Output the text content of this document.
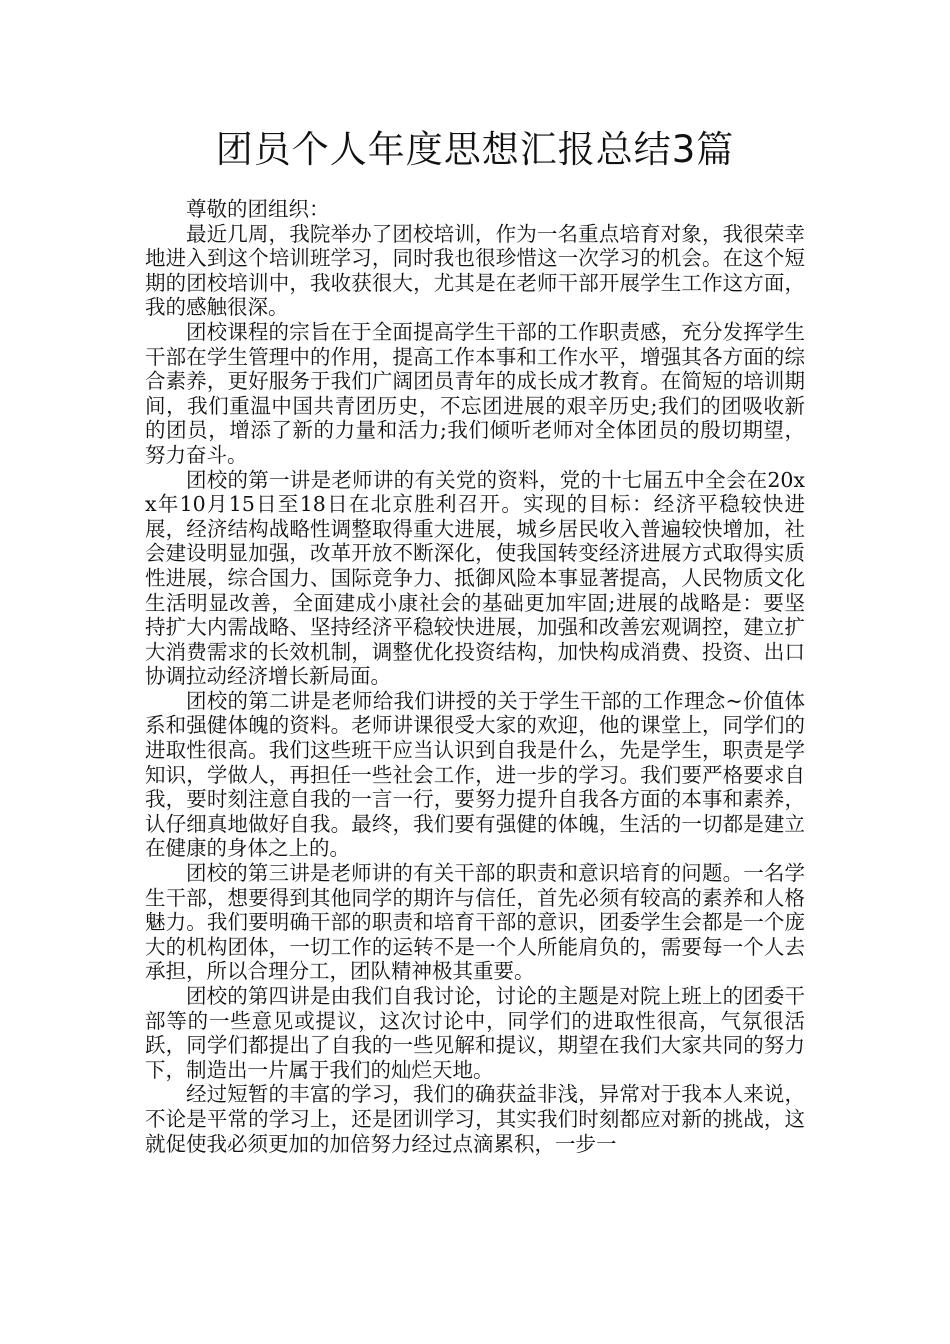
团员个人年度思想汇报总结3篇

尊敬的团组织：

最近几周，我院举办了团校培训，作为一名重点培育对象，我很荣幸地进入到这个培训班学习，同时我也很珍惜这一次学习的机会。在这个短期的团校培训中，我收获很大，尤其是在老师干部开展学生工作这方面，我的感触很深。

团校课程的宗旨在于全面提高学生干部的工作职责感，充分发挥学生干部在学生管理中的作用，提高工作本事和工作水平，增强其各方面的综合素养，更好服务于我们广阔团员青年的成长成才教育。在简短的培训期间，我们重温中国共青团历史，不忘团进展的艰辛历史;我们的团吸收新的团员，增添了新的力量和活力;我们倾听老师对全体团员的殷切期望，努力奋斗。

团校的第一讲是老师讲的有关党的资料，党的十七届五中全会在20xx年10月15日至18日在北京胜利召开。实现的目标：经济平稳较快进展，经济结构战略性调整取得重大进展，城乡居民收入普遍较快增加，社会建设明显加强，改革开放不断深化，使我国转变经济进展方式取得实质性进展，综合国力、国际竞争力、抵御风险本事显著提高，人民物质文化生活明显改善，全面建成小康社会的基础更加牢固;进展的战略是：要坚持扩大内需战略、坚持经济平稳较快进展，加强和改善宏观调控，建立扩大消费需求的长效机制，调整优化投资结构，加快构成消费、投资、出口协调拉动经济增长新局面。

团校的第二讲是老师给我们讲授的关于学生干部的工作理念~价值体系和强健体魄的资料。老师讲课很受大家的欢迎，他的课堂上，同学们的进取性很高。我们这些班干应当认识到自我是什么，先是学生，职责是学知识，学做人，再担任一些社会工作，进一步的学习。我们要严格要求自我，要时刻注意自我的一言一行，要努力提升自我各方面的本事和素养，认仔细真地做好自我。最终，我们要有强健的体魄，生活的一切都是建立在健康的身体之上的。

团校的第三讲是老师讲的有关干部的职责和意识培育的问题。一名学生干部，想要得到其他同学的期许与信任，首先必须有较高的素养和人格魅力。我们要明确干部的职责和培育干部的意识，团委学生会都是一个庞大的机构团体，一切工作的运转不是一个人所能肩负的，需要每一个人去承担，所以合理分工，团队精神极其重要。

团校的第四讲是由我们自我讨论，讨论的主题是对院上班上的团委干部等的一些意见或提议，这次讨论中，同学们的进取性很高，气氛很活跃，同学们都提出了自我的一些见解和提议，期望在我们大家共同的努力下，制造出一片属于我们的灿烂天地。

经过短暂的丰富的学习，我们的确获益非浅，异常对于我本人来说，不论是平常的学习上，还是团训学习，其实我们时刻都应对新的挑战，这就促使我必须更加的加倍努力经过点滴累积，一步一
